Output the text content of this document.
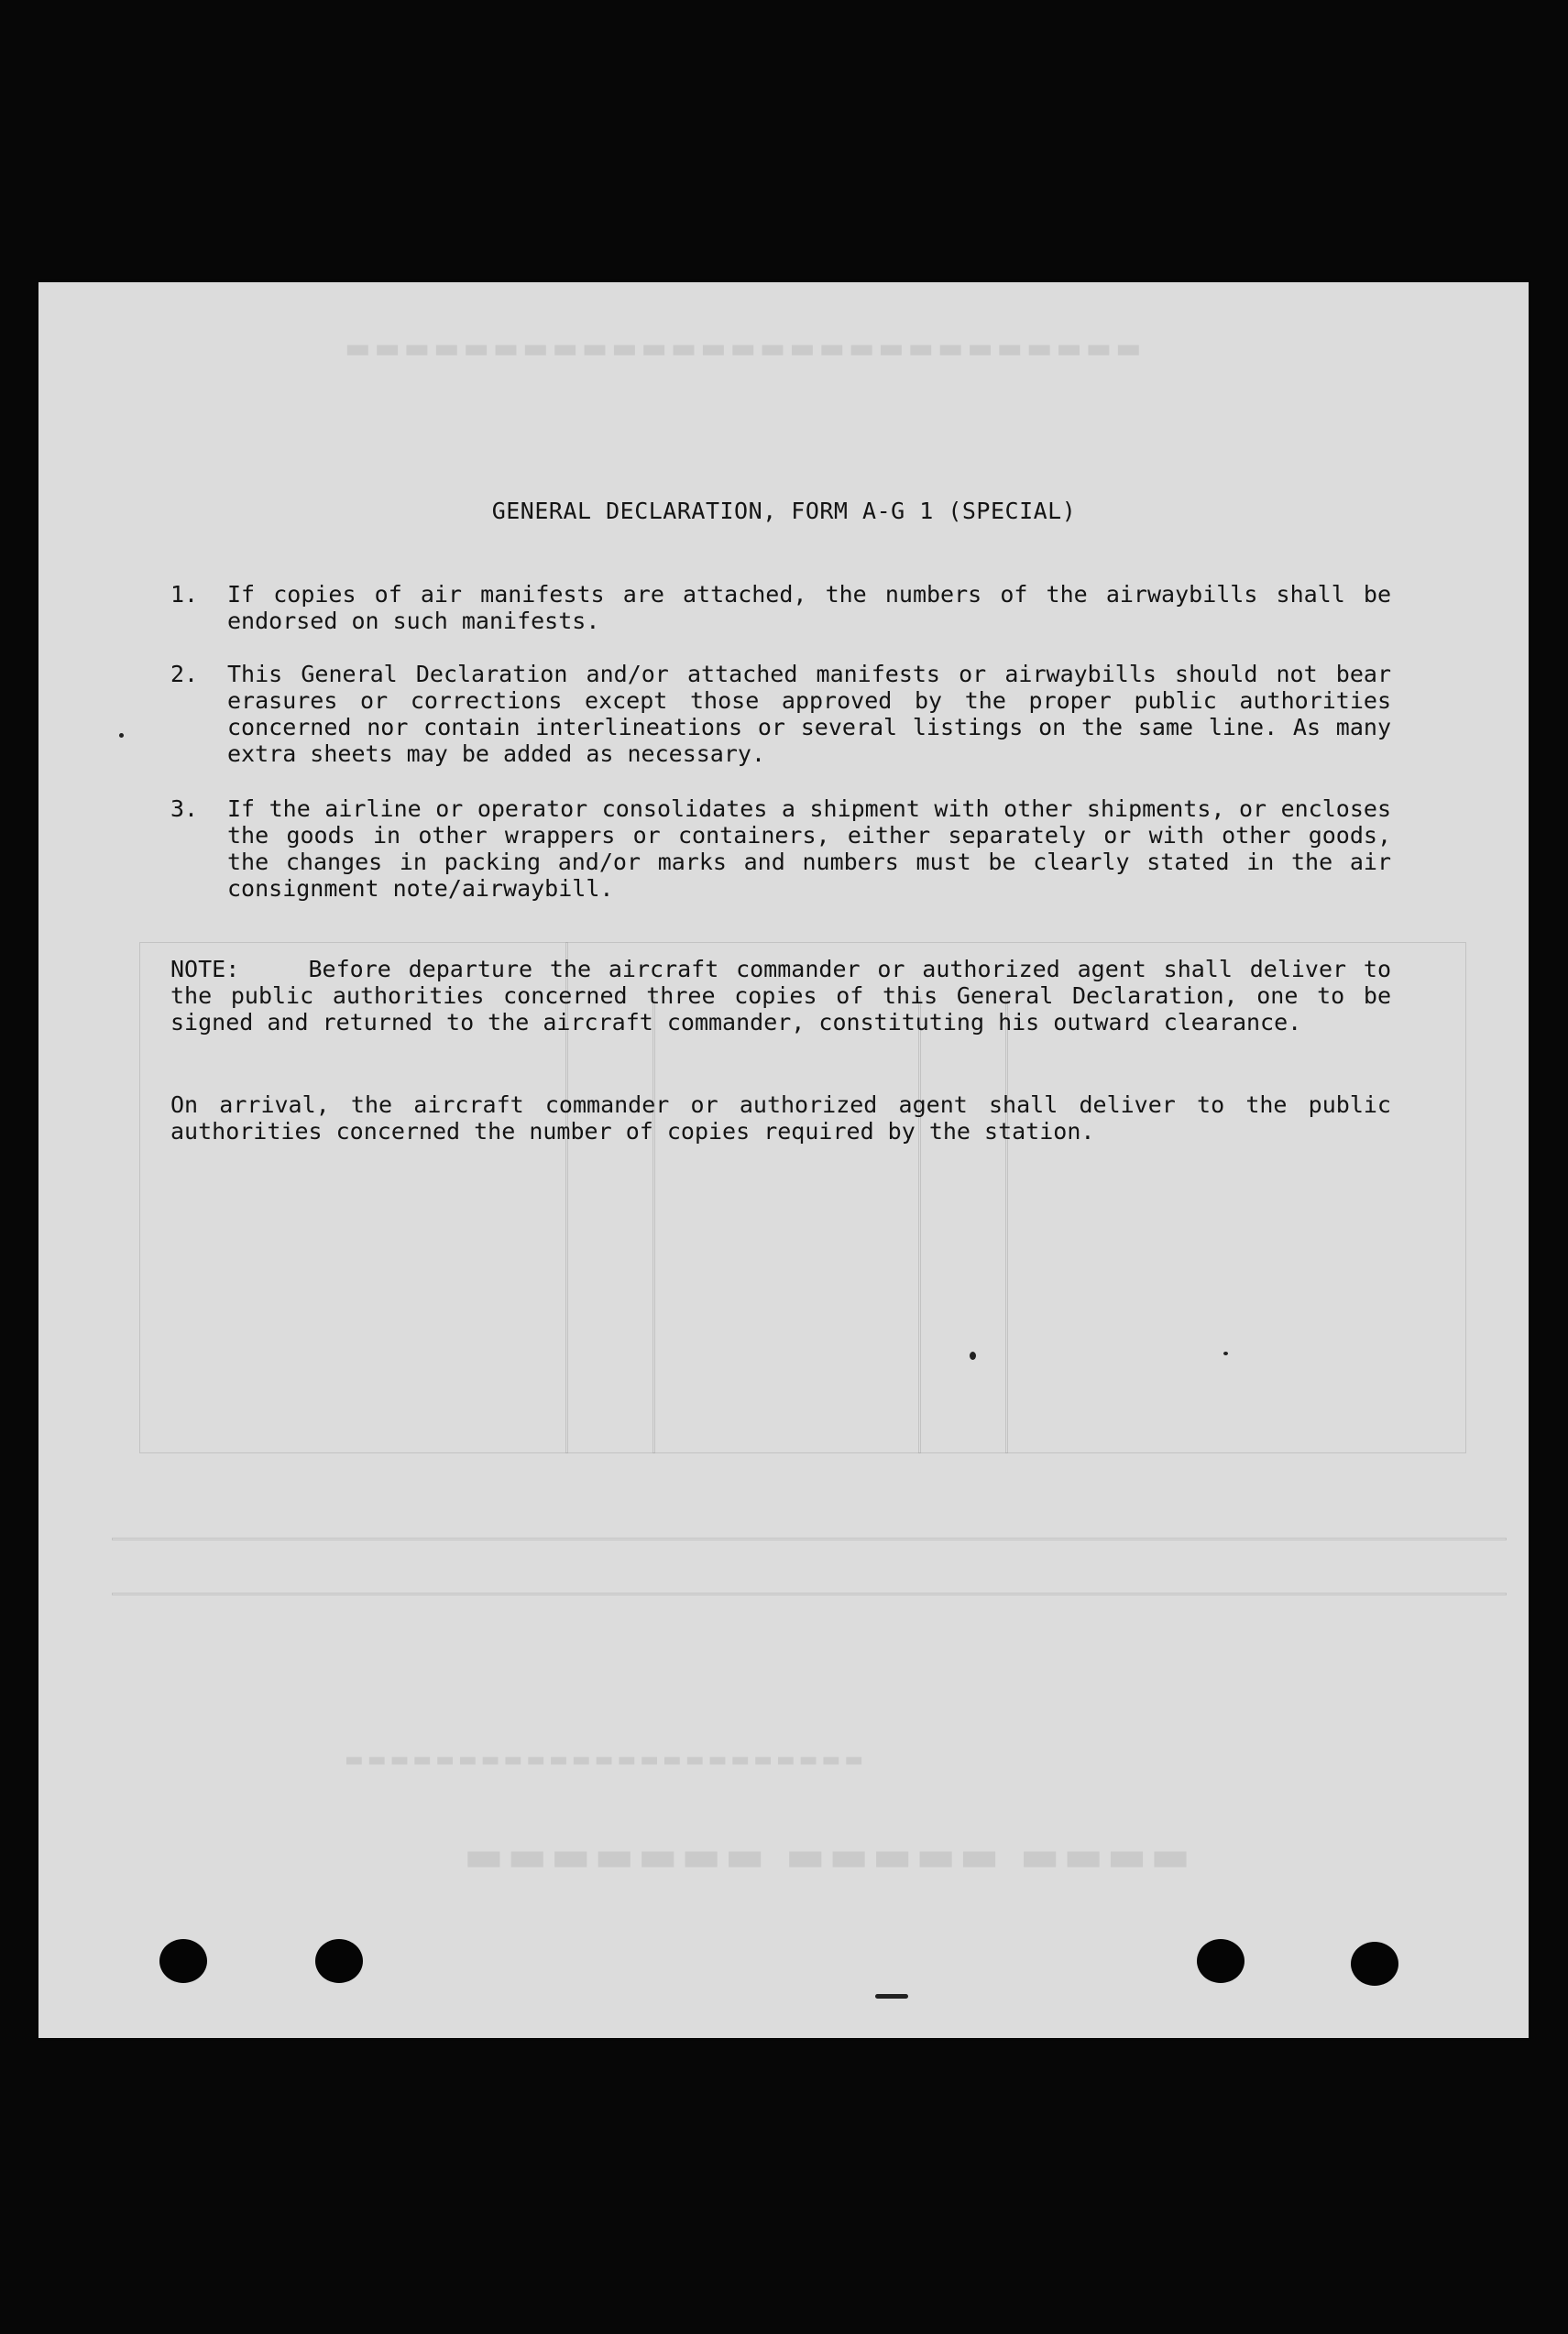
▬▬▬▬ ▬▬▬▬▬ ▬▬▬▬▬▬▬
▬▬▬▬▬▬▬▬▬▬▬▬▬▬▬▬▬▬▬▬▬▬▬
▬▬▬▬▬▬▬▬▬▬▬▬▬▬▬▬▬▬▬▬▬▬▬▬▬▬▬
GENERAL DECLARATION, FORM A-G 1 (SPECIAL)
1. If copies of air manifests are attached, the numbers of the airwaybills shall be endorsed on such manifests.
2. This General Declaration and/or attached manifests or airwaybills should not bear erasures or corrections except those approved by the proper public authorities concerned nor contain interlineations or several listings on the same line. As many extra sheets may be added as necessary.
3. If the airline or operator consolidates a shipment with other shipments, or encloses the goods in other wrappers or containers, either separately or with other goods, the changes in packing and/or marks and numbers must be clearly stated in the air consignment note/airwaybill.
NOTE:    Before departure the aircraft commander or authorized agent shall deliver to the public authorities concerned three copies of this General Declaration, one to be signed and returned to the aircraft commander, constituting his outward clearance.
On arrival, the aircraft commander or authorized agent shall deliver to the public authorities concerned the number of copies required by the station.
